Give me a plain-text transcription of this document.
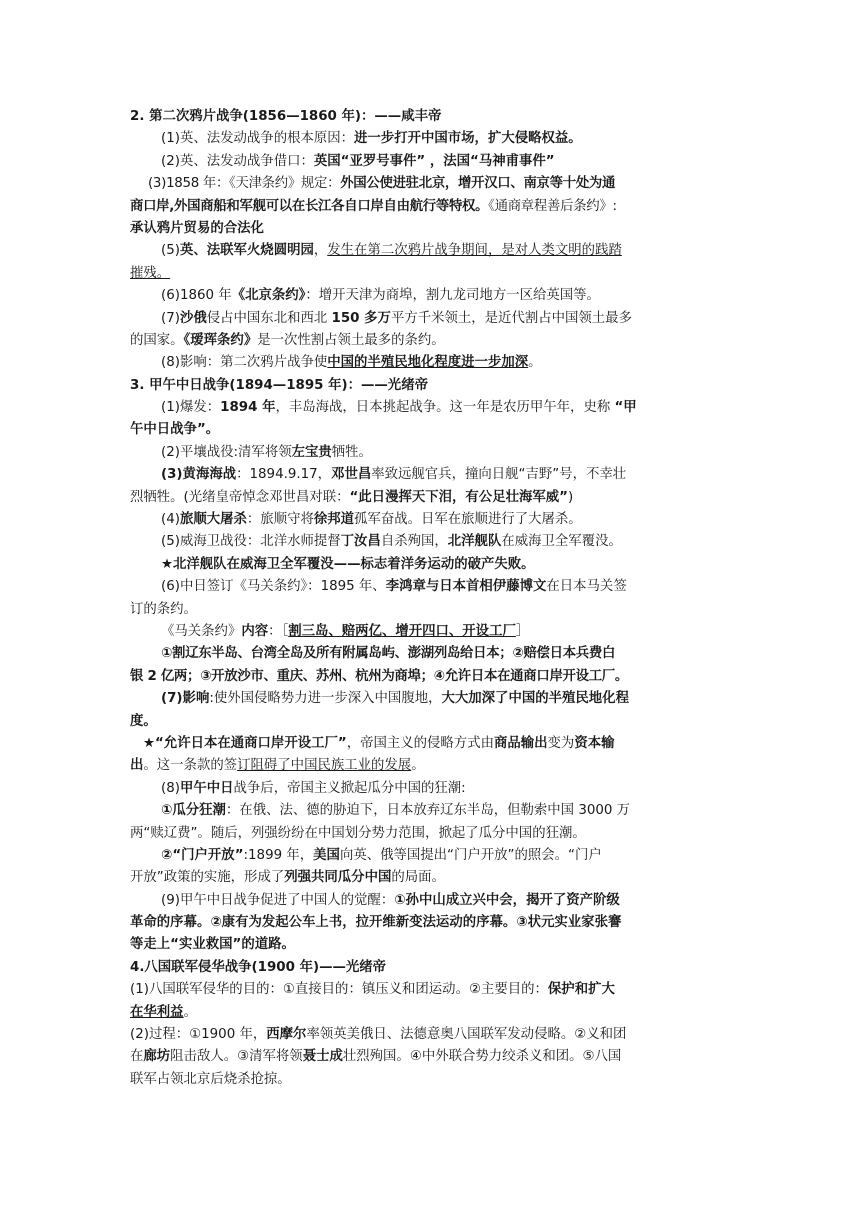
2. 第二次鸦片战争(1856—1860 年)：——咸丰帝
(1)英、法发动战争的根本原因：进一步打开中国市场，扩大侵略权益。
(2)英、法发动战争借口：英国“亚罗号事件” ，法国“马神甫事件”
(3)1858 年：《天津条约》规定：外国公使进驻北京，增开汉口、南京等十处为通
商口岸,外国商船和军舰可以在长江各自口岸自由航行等特权。《通商章程善后条约》:
承认鸦片贸易的合法化
(5)英、法联军火烧圆明园，发生在第二次鸦片战争期间，是对人类文明的践踏
摧残。
(6)1860 年《北京条约》：增开天津为商埠，割九龙司地方一区给英国等。
(7)沙俄侵占中国东北和西北 150 多万平方千米领土，是近代割占中国领土最多
的国家。《瑷珲条约》是一次性割占领土最多的条约。
(8)影响：第二次鸦片战争使中国的半殖民地化程度进一步加深。
3. 甲午中日战争(1894—1895 年)：——光绪帝
(1)爆发：1894 年，丰岛海战，日本挑起战争。这一年是农历甲午年，史称 “甲
午中日战争”。
(2)平壤战役:清军将领左宝贵牺牲。
(3)黄海海战：1894.9.17，邓世昌率致远舰官兵，撞向日舰“吉野”号，不幸壮
烈牺牲。(光绪皇帝悼念邓世昌对联：“此日漫挥天下泪，有公足壮海军威”)
(4)旅顺大屠杀：旅顺守将徐邦道孤军奋战。日军在旅顺进行了大屠杀。
(5)威海卫战役：北洋水师提督丁汝昌自杀殉国，北洋舰队在威海卫全军覆没。
★北洋舰队在威海卫全军覆没——标志着洋务运动的破产失败。
(6)中日签订《马关条约》：1895 年、李鸿章与日本首相伊藤博文在日本马关签
订的条约。
《马关条约》内容：［割三岛、赔两亿、增开四口、开设工厂］
①割辽东半岛、台湾全岛及所有附属岛屿、澎湖列岛给日本；②赔偿日本兵费白
银 2 亿两；③开放沙市、重庆、苏州、杭州为商埠；④允许日本在通商口岸开设工厂。
(7)影响:使外国侵略势力进一步深入中国腹地，大大加深了中国的半殖民地化程
度。
★“允许日本在通商口岸开设工厂”，帝国主义的侵略方式由商品输出变为资本输
出。这一条款的签订阻碍了中国民族工业的发展。
(8)甲午中日战争后，帝国主义掀起瓜分中国的狂潮:
①瓜分狂潮：在俄、法、德的胁迫下，日本放弃辽东半岛，但勒索中国 3000 万
两“赎辽费”。随后，列强纷纷在中国划分势力范围，掀起了瓜分中国的狂潮。
②“门户开放”:1899 年，美国向英、俄等国提出“门户开放”的照会。“门户
开放”政策的实施，形成了列强共同瓜分中国的局面。
(9)甲午中日战争促进了中国人的觉醒：①孙中山成立兴中会，揭开了资产阶级
革命的序幕。②康有为发起公车上书，拉开维新变法运动的序幕。③状元实业家张謇
等走上“实业救国”的道路。
4.八国联军侵华战争(1900 年)——光绪帝
(1)八国联军侵华的目的：①直接目的：镇压义和团运动。②主要目的：保护和扩大
在华利益。
(2)过程：①1900 年，西摩尔率领英美俄日、法德意奥八国联军发动侵略。②义和团
在廊坊阻击敌人。③清军将领聂士成壮烈殉国。④中外联合势力绞杀义和团。⑤八国
联军占领北京后烧杀抢掠。
